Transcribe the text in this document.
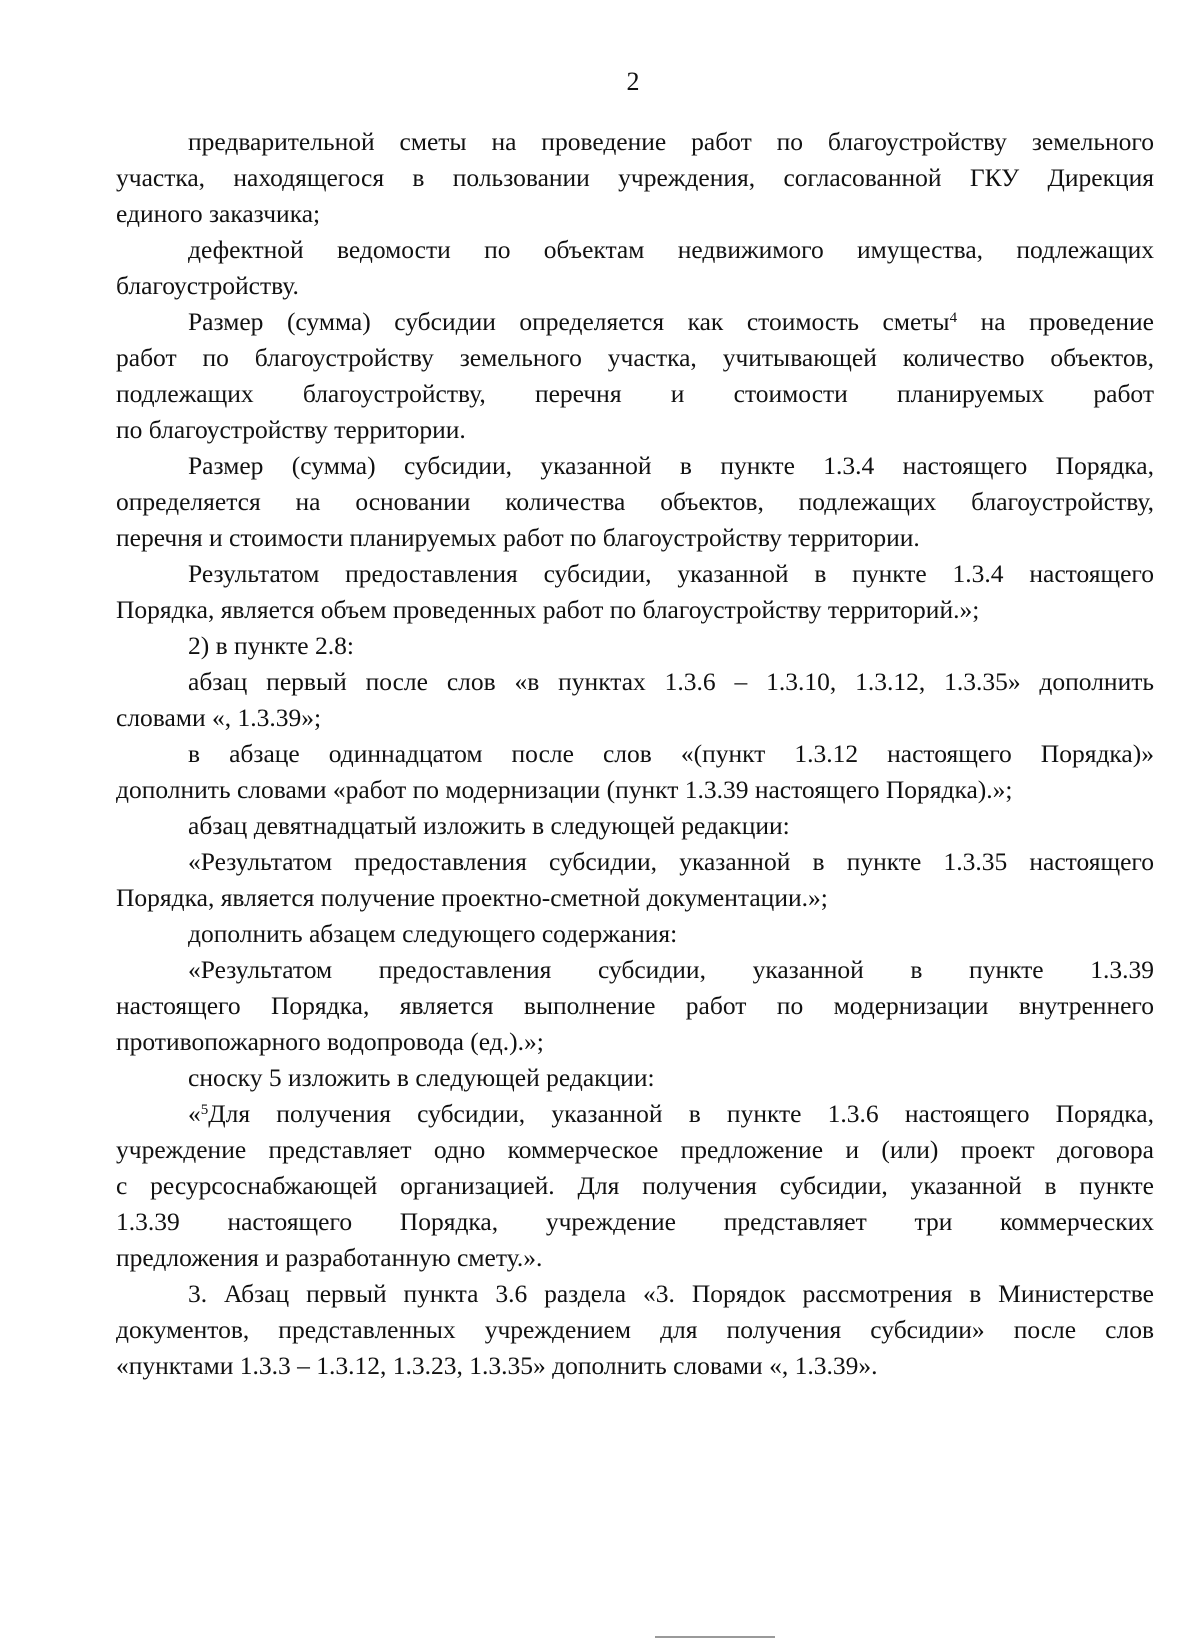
2
предварительной сметы на проведение работ по благоустройству земельного
участка, находящегося в пользовании учреждения, согласованной ГКУ Дирекция
единого заказчика;
дефектной ведомости по объектам недвижимого имущества, подлежащих
благоустройству.
Размер (сумма) субсидии определяется как стоимость сметы$^4$ на проведение
работ по благоустройству земельного участка, учитывающей количество объектов,
подлежащих благоустройству, перечня и стоимости планируемых работ
по благоустройству территории.
Размер (сумма) субсидии, указанной в пункте 1.3.4 настоящего Порядка,
определяется на основании количества объектов, подлежащих благоустройству,
перечня и стоимости планируемых работ по благоустройству территории.
Результатом предоставления субсидии, указанной в пункте 1.3.4 настоящего
Порядка, является объем проведенных работ по благоустройству территорий.»;
2) в пункте 2.8:
абзац первый после слов «в пунктах 1.3.6 – 1.3.10, 1.3.12, 1.3.35» дополнить
словами «, 1.3.39»;
в абзаце одиннадцатом после слов «(пункт 1.3.12 настоящего Порядка)»
дополнить словами «работ по модернизации (пункт 1.3.39 настоящего Порядка).»;
абзац девятнадцатый изложить в следующей редакции:
«Результатом предоставления субсидии, указанной в пункте 1.3.35 настоящего
Порядка, является получение проектно-сметной документации.»;
дополнить абзацем следующего содержания:
«Результатом предоставления субсидии, указанной в пункте 1.3.39
настоящего Порядка, является выполнение работ по модернизации внутреннего
противопожарного водопровода (ед.).»;
сноску 5 изложить в следующей редакции:
«$^5$Для получения субсидии, указанной в пункте 1.3.6 настоящего Порядка,
учреждение представляет одно коммерческое предложение и (или) проект договора
с ресурсоснабжающей организацией. Для получения субсидии, указанной в пункте
1.3.39 настоящего Порядка, учреждение представляет три коммерческих
предложения и разработанную смету.».
3. Абзац первый пункта 3.6 раздела «3. Порядок рассмотрения в Министерстве
документов, представленных учреждением для получения субсидии» после слов
«пунктами 1.3.3 – 1.3.12, 1.3.23, 1.3.35» дополнить словами «, 1.3.39».
